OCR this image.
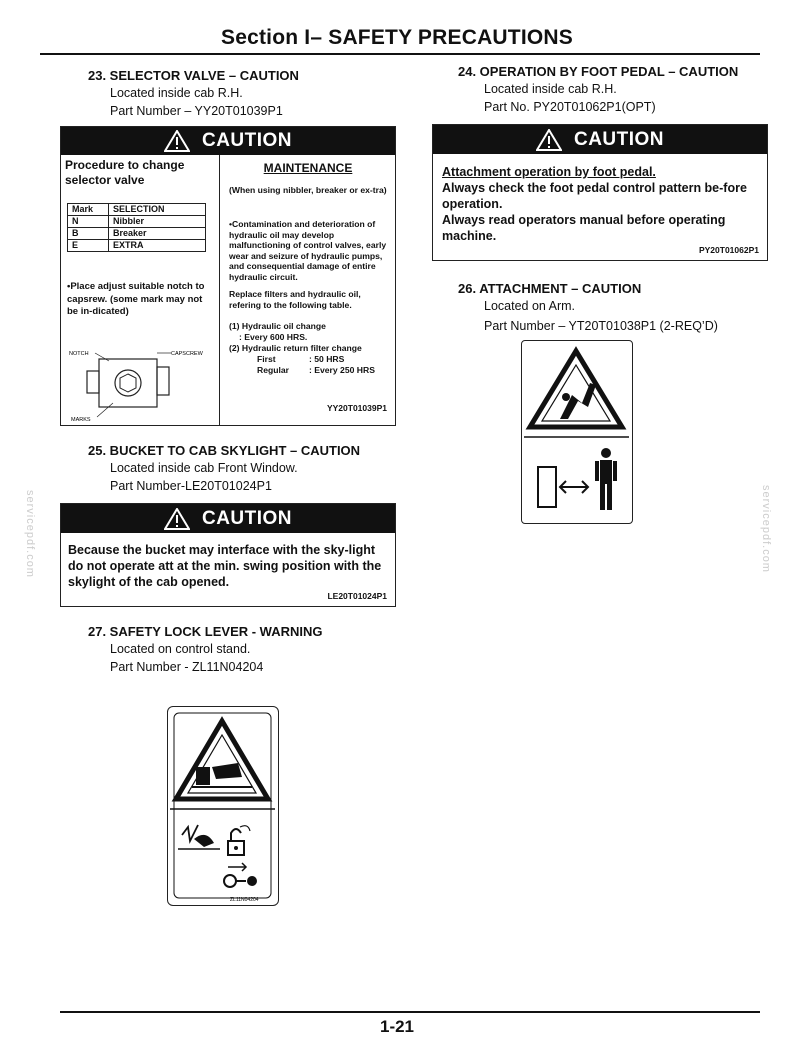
Section I– SAFETY PRECAUTIONS
servicepdf.com	servicepdf.com
23. SELECTOR VALVE – CAUTION
Located inside cab R.H.
Part Number – YY20T01039P1
CAUTION
Procedure to change selector valve
Mark	SELECTION
N	Nibbler
B	Breaker
E	EXTRA
•Place adjust suitable notch to capsrew. (some mark may not be in-dicated)
NOTCH	CAPSCREW
MARKS
MAINTENANCE
(When using nibbler, breaker or ex-tra)
•Contamination and deterioration of hydraulic oil may develop malfunctioning of control valves, early wear and seizure of hydraulic pumps, and consequential damage of entire hydraulic circuit.
Replace filters and hydraulic oil, refering to the following table.
(1) Hydraulic oil change
: Every 600 HRS.
(2) Hydraulic return filter change
First	: 50 HRS
Regular : Every 250 HRS
YY20T01039P1
24. OPERATION BY FOOT PEDAL – CAUTION
Located inside cab R.H.
Part No. PY20T01062P1(OPT)
CAUTION
Attachment operation by foot pedal.
Always check the foot pedal control pattern be-fore operation.
Always read operators manual before operating machine.
PY20T01062P1
25. BUCKET TO CAB SKYLIGHT – CAUTION
Located inside cab Front Window.
Part Number-LE20T01024P1
CAUTION
Because the bucket may interface with the sky-light do not operate att at the min. swing position with the skylight of the cab opened.
LE20T01024P1
26. ATTACHMENT – CAUTION
Located on Arm.
Part Number – YT20T01038P1 (2-REQ’D)
27. SAFETY LOCK LEVER - WARNING
Located on control stand.
Part Number - ZL11N04204
ZL11N04204
1-21
